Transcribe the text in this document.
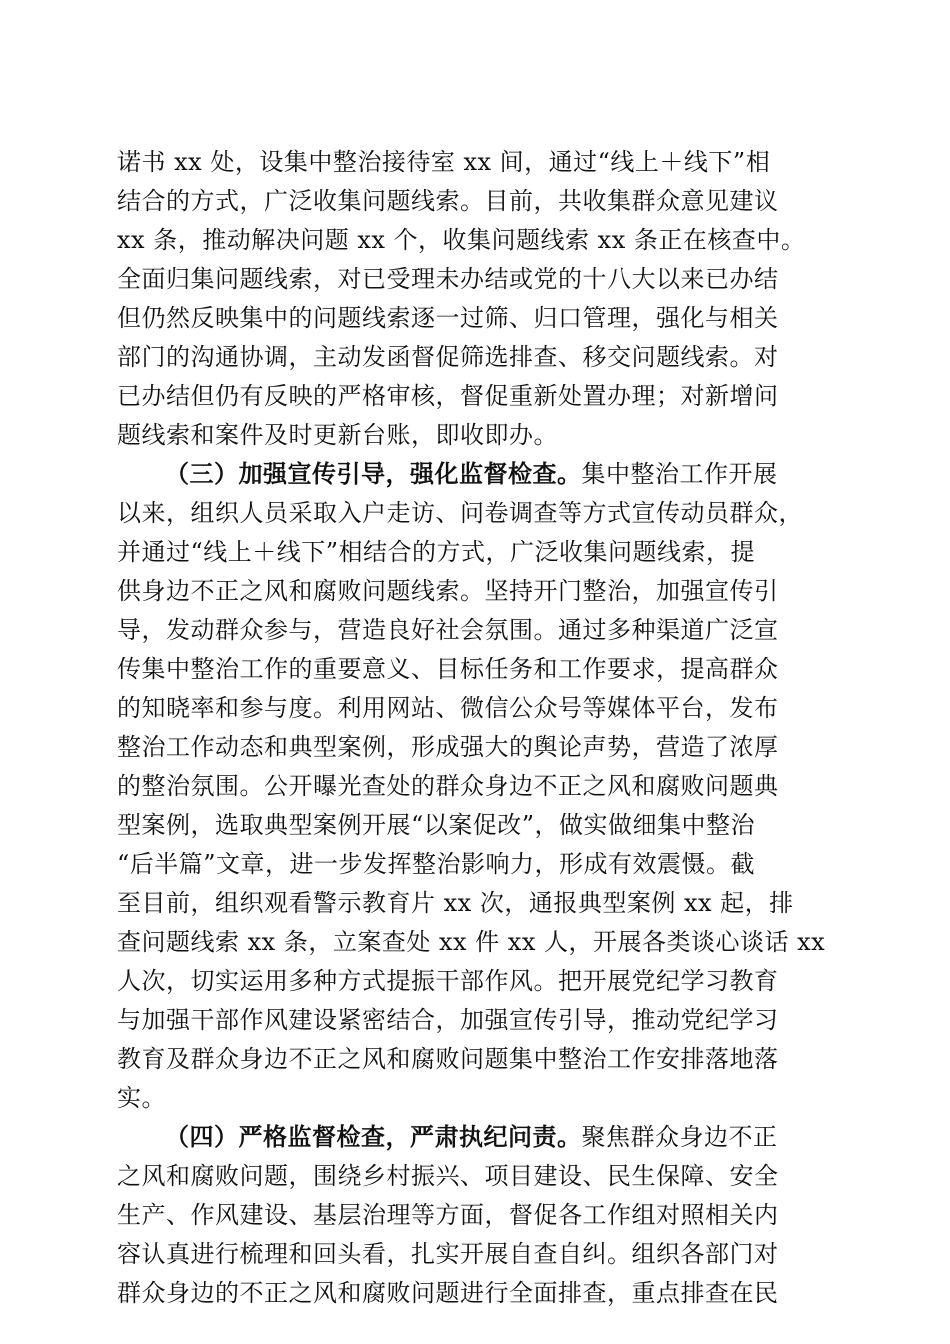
诺书 xx 处，设集中整治接待室 xx 间，通过“线上＋线下”相
结合的方式，广泛收集问题线索。目前，共收集群众意见建议
xx 条，推动解决问题 xx 个，收集问题线索 xx 条正在核查中。
全面归集问题线索，对已受理未办结或党的十八大以来已办结
但仍然反映集中的问题线索逐一过筛、归口管理，强化与相关
部门的沟通协调，主动发函督促筛选排查、移交问题线索。对
已办结但仍有反映的严格审核，督促重新处置办理；对新增问
题线索和案件及时更新台账，即收即办。
（三）加强宣传引导，强化监督检查。集中整治工作开展
以来，组织人员采取入户走访、问卷调查等方式宣传动员群众，
并通过“线上＋线下”相结合的方式，广泛收集问题线索，提
供身边不正之风和腐败问题线索。坚持开门整治，加强宣传引
导，发动群众参与，营造良好社会氛围。通过多种渠道广泛宣
传集中整治工作的重要意义、目标任务和工作要求，提高群众
的知晓率和参与度。利用网站、微信公众号等媒体平台，发布
整治工作动态和典型案例，形成强大的舆论声势，营造了浓厚
的整治氛围。公开曝光查处的群众身边不正之风和腐败问题典
型案例，选取典型案例开展“以案促改”，做实做细集中整治
“后半篇”文章，进一步发挥整治影响力，形成有效震慑。截
至目前，组织观看警示教育片 xx 次，通报典型案例 xx 起，排
查问题线索 xx 条，立案查处 xx 件 xx 人，开展各类谈心谈话 xx
人次，切实运用多种方式提振干部作风。把开展党纪学习教育
与加强干部作风建设紧密结合，加强宣传引导，推动党纪学习
教育及群众身边不正之风和腐败问题集中整治工作安排落地落
实。
（四）严格监督检查，严肃执纪问责。聚焦群众身边不正
之风和腐败问题，围绕乡村振兴、项目建设、民生保障、安全
生产、作风建设、基层治理等方面，督促各工作组对照相关内
容认真进行梳理和回头看，扎实开展自查自纠。组织各部门对
群众身边的不正之风和腐败问题进行全面排查，重点排查在民
